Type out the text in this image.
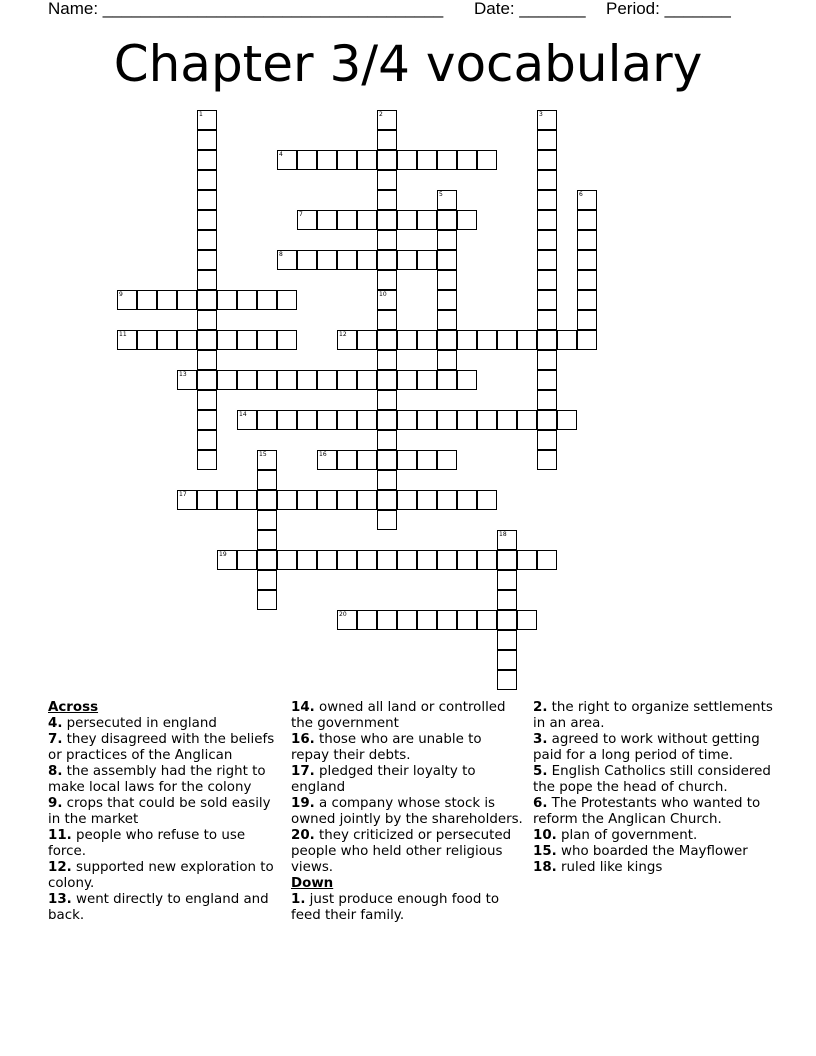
Name: ____________________________________ Date: _______ Period: _______
Chapter 3/4 vocabulary
1	2
10
3
4
5	6
7
8
9
11	12
13
14
15	16
17
18
19
20
Across
4. persecuted in england
7. they disagreed with the beliefs or practices of the Anglican
8. the assembly had the right to make local laws for the colony
9. crops that could be sold easily in the market
11. people who refuse to use force.
12. supported new exploration to colony.
13. went directly to england and back.
14. owned all land or controlled the government
16. those who are unable to repay their debts.
17. pledged their loyalty to england
19. a company whose stock is owned jointly by the shareholders.
20. they criticized or persecuted people who held other religious views.
Down
1. just produce enough food to feed their family.
2. the right to organize settlements in an area.
3. agreed to work without getting paid for a long period of time.
5. English Catholics still considered the pope the head of church.
6. The Protestants who wanted to reform the Anglican Church.
10. plan of government.
15. who boarded the Mayflower
18. ruled like kings
